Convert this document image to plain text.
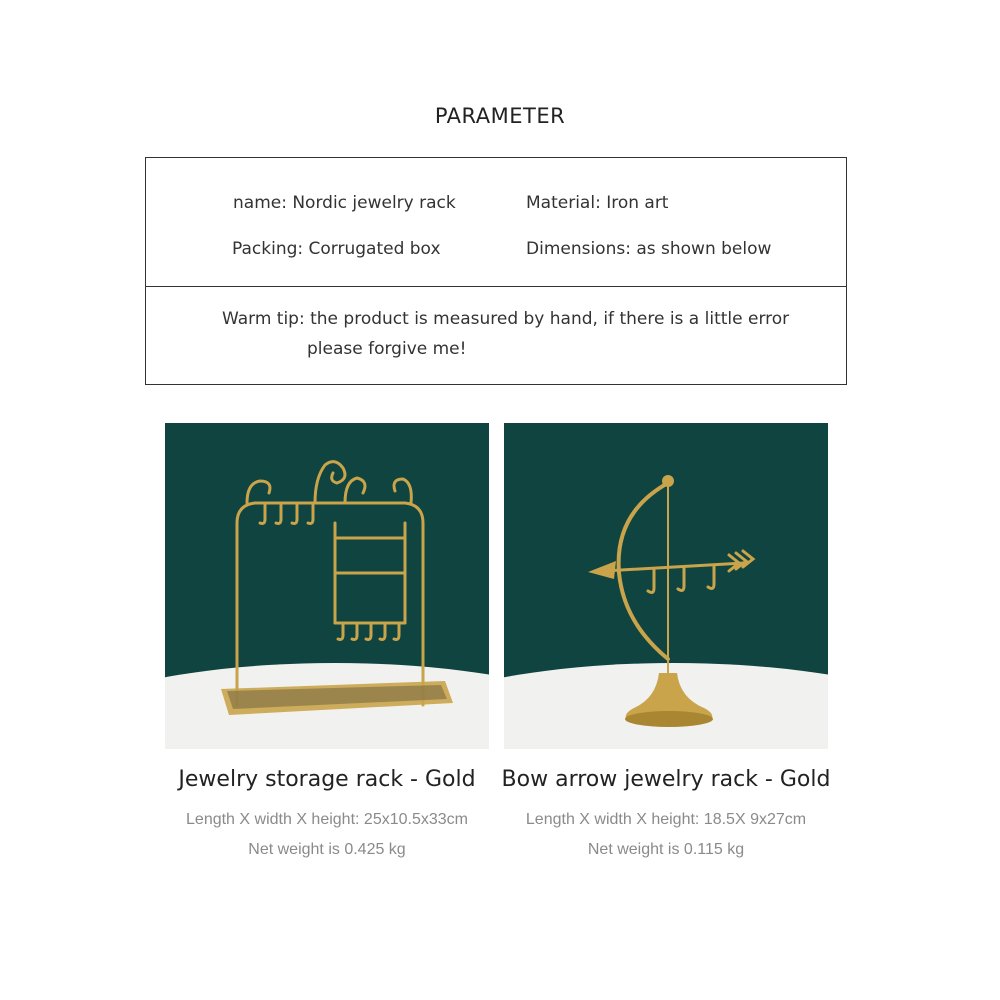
PARAMETER
name: Nordic jewelry rack	Material: Iron art
Packing: Corrugated box	Dimensions: as shown below
Warm tip: the product is measured by hand, if there is a little error
please forgive me!
Jewelry storage rack - Gold
Length X width X height: 25x10.5x33cm
Net weight is 0.425 kg
Bow arrow jewelry rack - Gold
Length X width X height: 18.5X 9x27cm
Net weight is 0.115 kg
